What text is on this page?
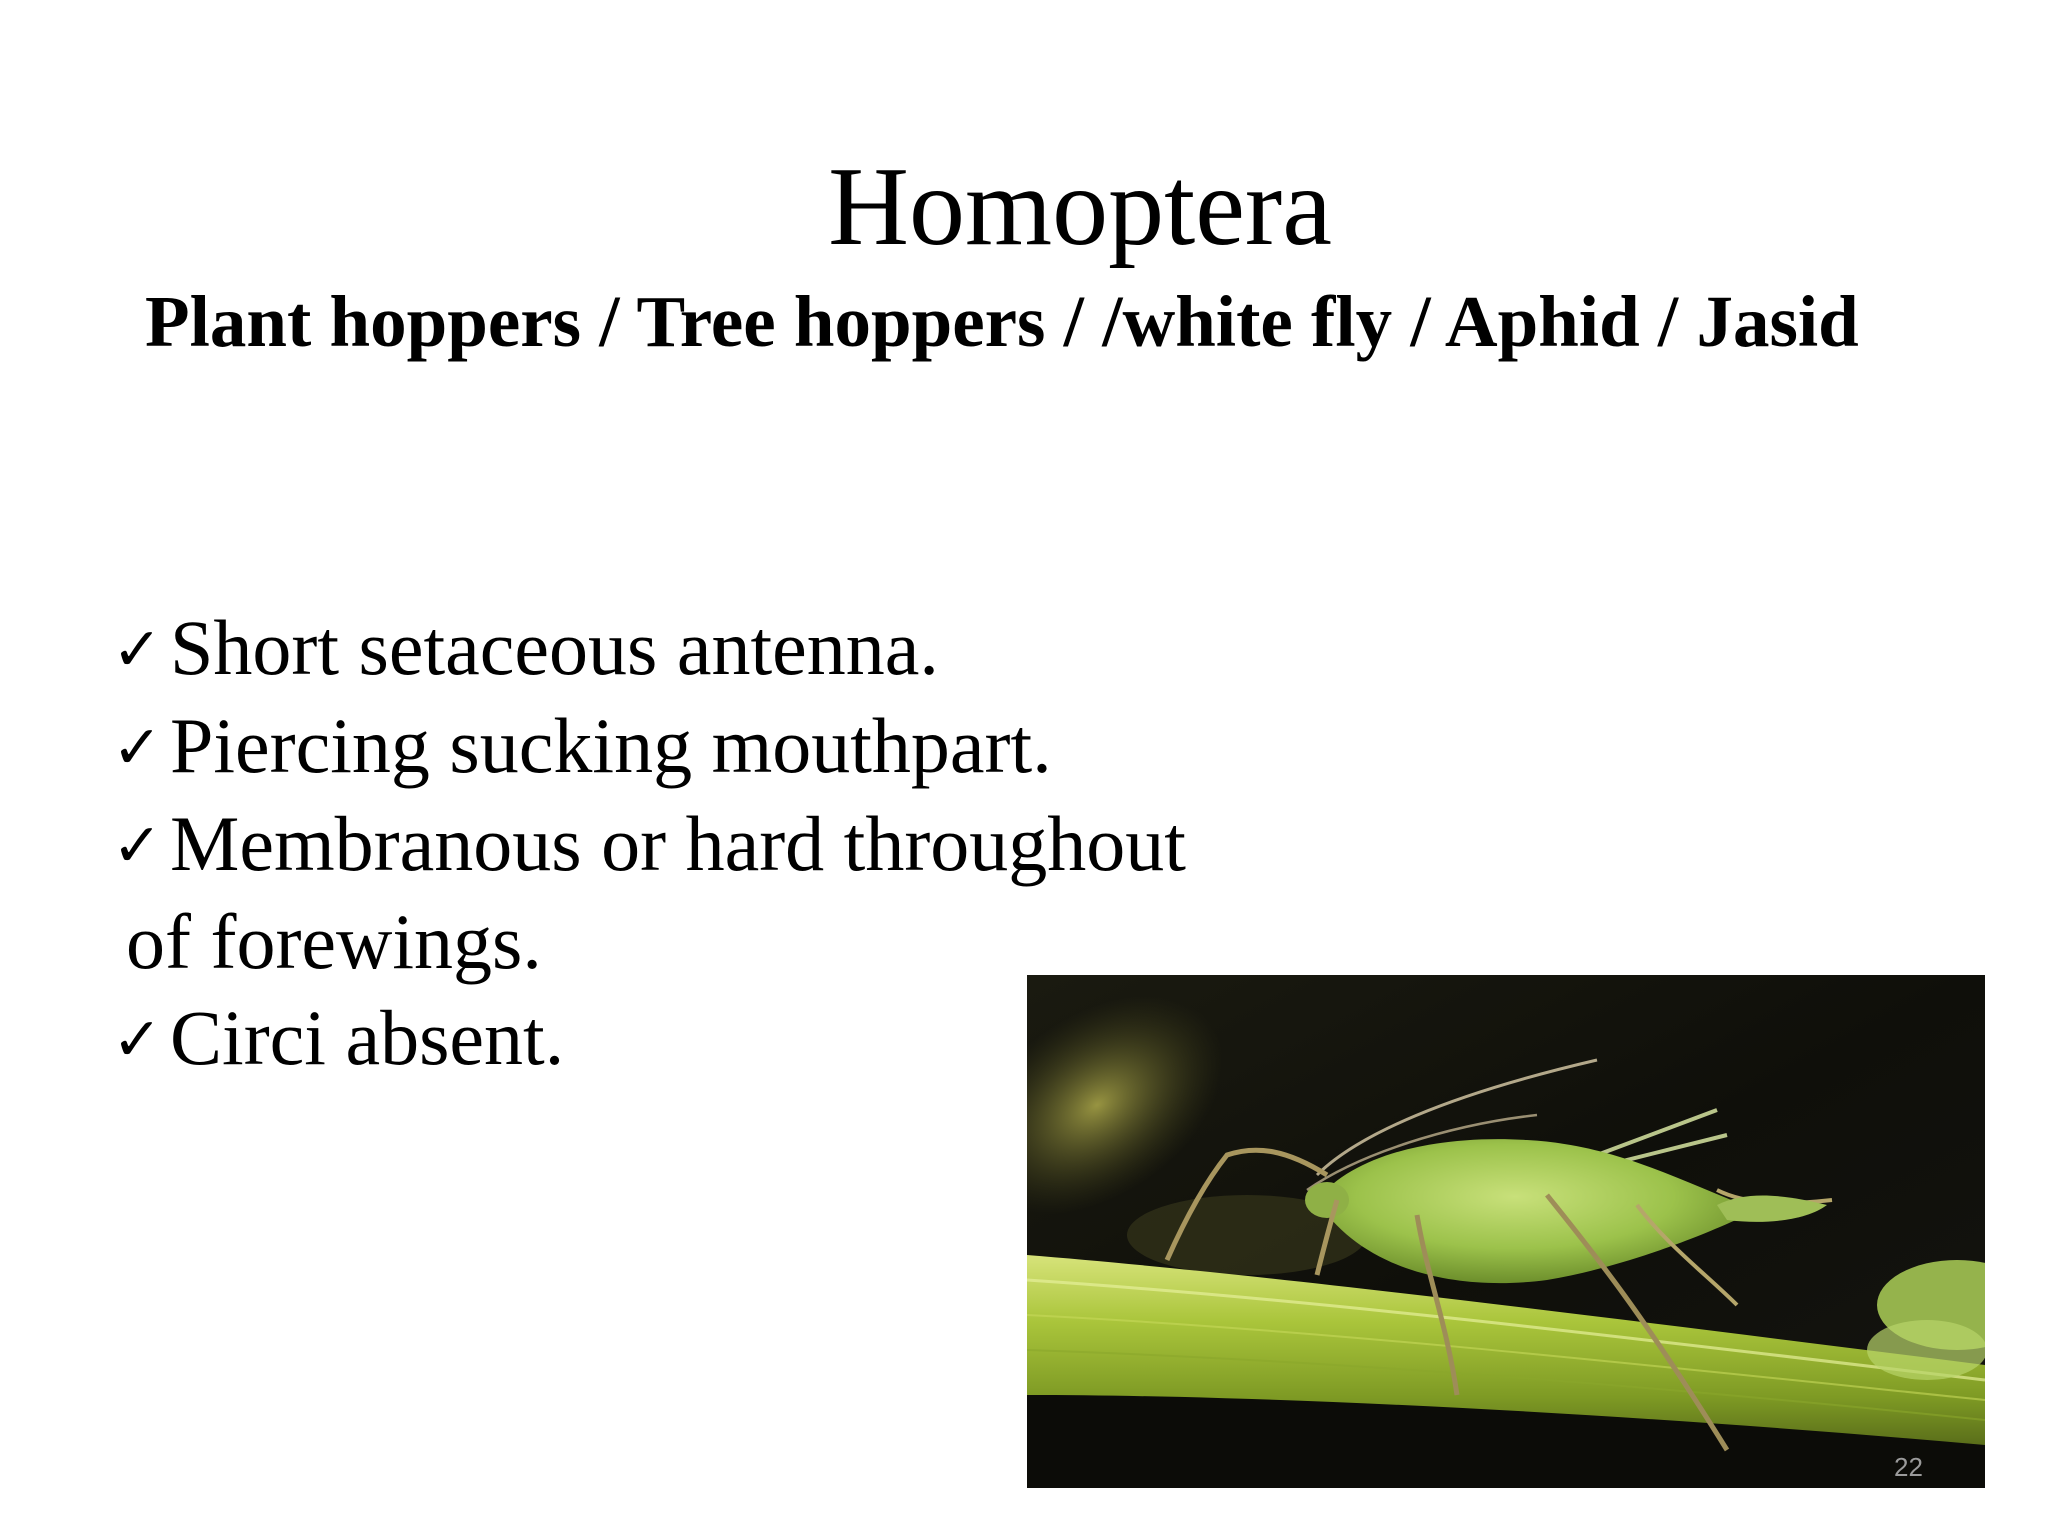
Homoptera
Plant hoppers / Tree hoppers / /white fly / Aphid / Jasid
✓Short setaceous antenna.
✓Piercing sucking mouthpart.
✓Membranous or hard throughout
of forewings.
✓Circi absent.
22
